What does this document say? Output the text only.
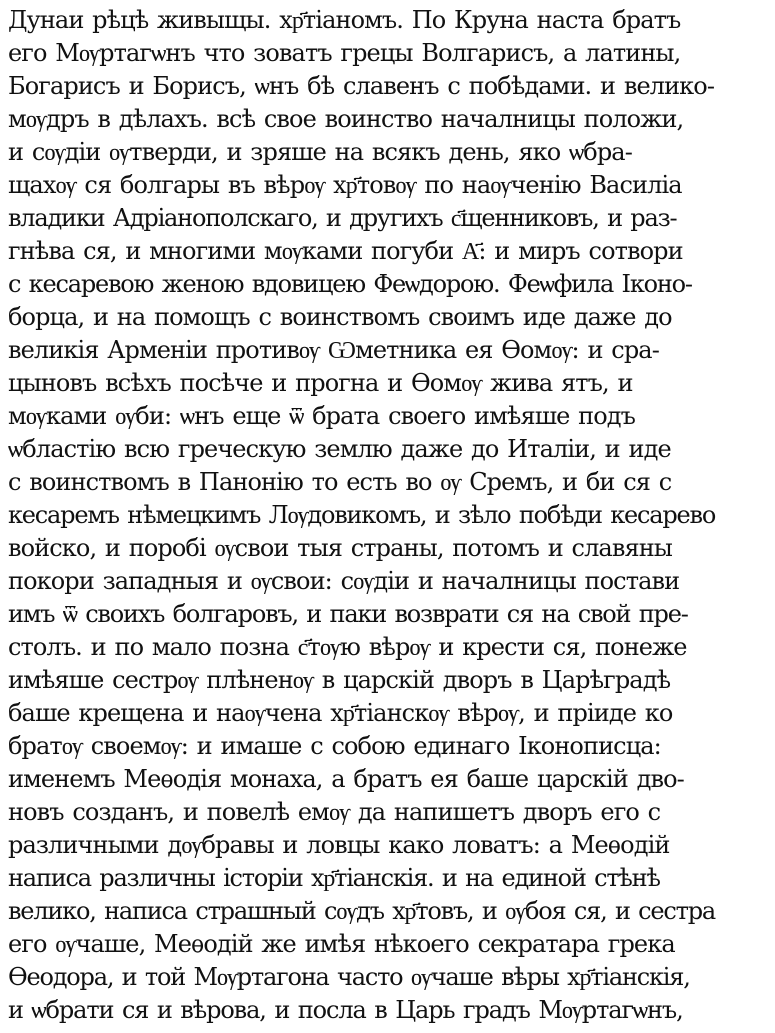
Дунаи рѣцѣ живыщы. хр҃тіаномъ. По Круна наста братъ
его Мѹртагѡнъ что зоватъ грецы Волгарисъ, а латины,
Богарисъ и Борисъ, ѡнъ бѣ славенъ с побѣдами. и велико-
мѹдръ в дѣлахъ. всѣ свое воинство началницы положи,
и сѹдіи ѹтверди, и зряше на всякъ день, яко ѡбра-
щахѹ ся болгары въ вѣрѹ хр҃товѹ по наѹченію Василіа
владики Адріанополскаго, и другихъ с҃щенниковъ, и раз-
гнѣва ся, и многими мѹками погуби А҃: и миръ сотвори
с кесаревою женою вдовицею Феѡдорою. Феѡфила Іконо-
борца, и на помощъ с воинствомъ своимъ иде даже до
великія Арменіи противѹ Ѡметника ея Ѳомѹ: и сра-
цыновъ всѣхъ посѣче и прогна и Ѳомѹ жива ятъ, и
мѹками ѹби: ѡнъ еще ѿ брата своего имѣяше подъ
ѡбластію всю греческую землю даже до Италіи, и иде
с воинствомъ в Панонію то есть во ѹ Сремъ, и би ся с
кесаремъ нѣмецкимъ Лѹдовикомъ, и зѣло побѣди кесарево
войско, и поробі ѹсвои тыя страны, потомъ и славяны
покори западныя и ѹсвои: сѹдіи и началницы постави
имъ ѿ своихъ болгаровъ, и паки возврати ся на свой пре-
столъ. и по мало позна с҃тѹю вѣрѹ и крести ся, понеже
имѣяше сестрѹ плѣненѹ в царскій дворъ в Царѣградѣ
баше крещена и наѹчена хр҃тіанскѹ вѣрѹ, и пріиде ко
братѹ своемѹ: и имаше с собою единаго Іконописца:
именемъ Меѳодія монаха, а братъ ея баше царскій дво-
новъ созданъ, и повелѣ емѹ да напишетъ дворъ его с
различными дѹбравы и ловцы како ловатъ: а Меѳодій
написа различны історіи хр҃тіанскія. и на единой стѣнѣ
велико, написа страшный сѹдъ хр҃товъ, и ѹбоя ся, и сестра
его ѹчаше, Меѳодій же имѣя нѣкоего секратара грека
Ѳеодора, и той Мѹртагона часто ѹчаше вѣры хр҃тіанскія,
и ѡбрати ся и вѣрова, и посла в Царь градъ Мѹртагѡнъ,
